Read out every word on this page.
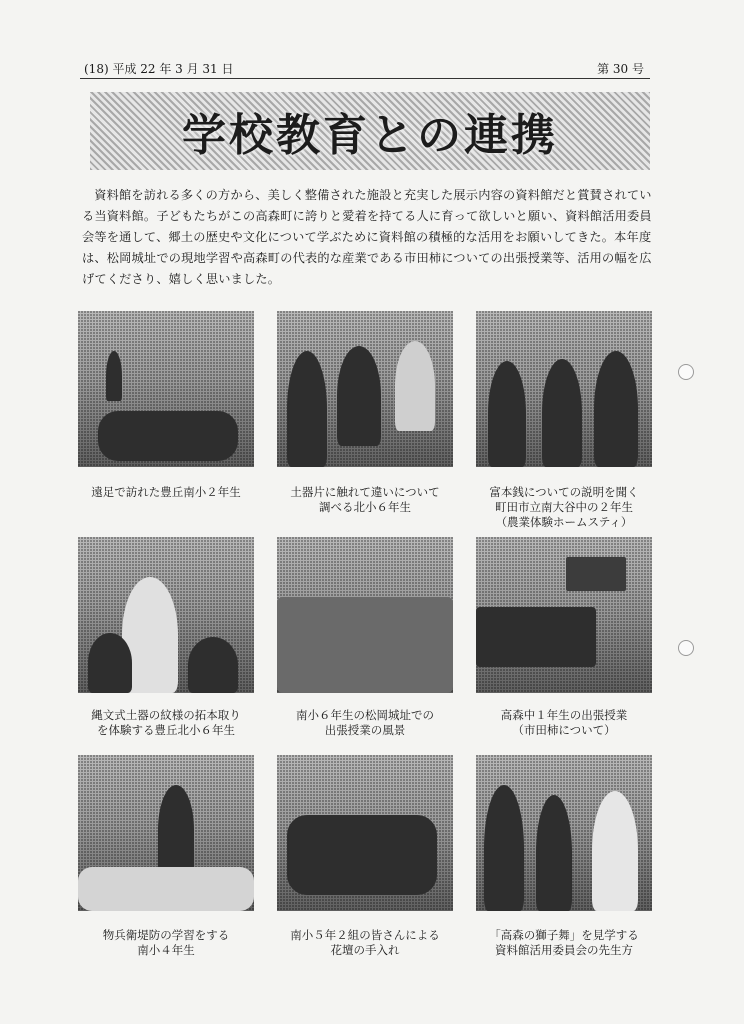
(18) 平成 22 年 3 月 31 日	第 30 号
学校教育との連携

資料館を訪れる多くの方から、美しく整備された施設と充実した展示内容の資料館だと賞賛されている当資料館。子どもたちがこの高森町に誇りと愛着を持てる人に育って欲しいと願い、資料館活用委員会等を通して、郷土の歴史や文化について学ぶために資料館の積極的な活用をお願いしてきた。本年度は、松岡城址での現地学習や高森町の代表的な産業である市田柿についての出張授業等、活用の幅を広げてくださり、嬉しく思いました。

遠足で訪れた豊丘南小２年生	土器片に触れて違いについて
調べる北小６年生
富本銭についての説明を聞く
町田市立南大谷中の２年生
（農業体験ホームスティ）
縄文式土器の紋様の拓本取り
を体験する豊丘北小６年生
南小６年生の松岡城址での
出張授業の風景
高森中１年生の出張授業
（市田柿について）
物兵衛堤防の学習をする
南小４年生
南小５年２組の皆さんによる
花壇の手入れ
「高森の獅子舞」を見学する
資料館活用委員会の先生方
